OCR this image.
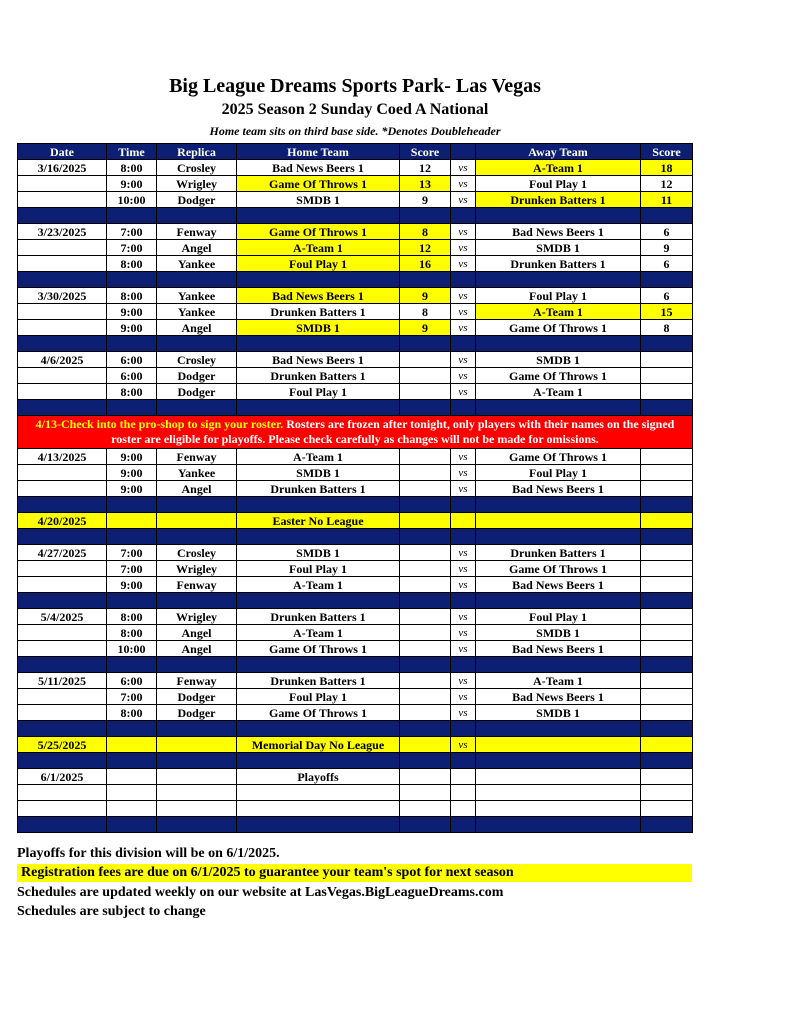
Big League Dreams Sports Park- Las Vegas
2025 Season 2 Sunday Coed A National
Home team sits on third base side. *Denotes Doubleheader
Date	Time	Replica	Home Team	Score		Away Team	Score
3/16/2025	8:00	Crosley	Bad News Beers 1	12	vs	A-Team 1	18
	9:00	Wrigley	Game Of Throws 1	13	vs	Foul Play 1	12
	10:00	Dodger	SMDB 1	9	vs	Drunken Batters 1	11

3/23/2025	7:00	Fenway	Game Of Throws 1	8	vs	Bad News Beers 1	6
	7:00	Angel	A-Team 1	12	vs	SMDB 1	9
	8:00	Yankee	Foul Play 1	16	vs	Drunken Batters 1	6

3/30/2025	8:00	Yankee	Bad News Beers 1	9	vs	Foul Play 1	6
	9:00	Yankee	Drunken Batters 1	8	vs	A-Team 1	15
	9:00	Angel	SMDB 1	9	vs	Game Of Throws 1	8

4/6/2025	6:00	Crosley	Bad News Beers 1		vs	SMDB 1	
	6:00	Dodger	Drunken Batters 1		vs	Game Of Throws 1	
	8:00	Dodger	Foul Play 1		vs	A-Team 1	

4/13-Check into the pro-shop to sign your roster. Rosters are frozen after tonight, only players with their names on the signed roster are eligible for playoffs. Please check carefully as changes will not be made for omissions.							
4/13/2025	9:00	Fenway	A-Team 1		vs	Game Of Throws 1	
	9:00	Yankee	SMDB 1		vs	Foul Play 1	
	9:00	Angel	Drunken Batters 1		vs	Bad News Beers 1	

4/20/2025			Easter No League				

4/27/2025	7:00	Crosley	SMDB 1		vs	Drunken Batters 1	
	7:00	Wrigley	Foul Play 1		vs	Game Of Throws 1	
	9:00	Fenway	A-Team 1		vs	Bad News Beers 1	

5/4/2025	8:00	Wrigley	Drunken Batters 1		vs	Foul Play 1	
	8:00	Angel	A-Team 1		vs	SMDB 1	
	10:00	Angel	Game Of Throws 1		vs	Bad News Beers 1	

5/11/2025	6:00	Fenway	Drunken Batters 1		vs	A-Team 1	
	7:00	Dodger	Foul Play 1		vs	Bad News Beers 1	
	8:00	Dodger	Game Of Throws 1		vs	SMDB 1	

5/25/2025			Memorial Day No League		vs		

6/1/2025			Playoffs				

Playoffs for this division will be on 6/1/2025.
Registration fees are due on 6/1/2025 to guarantee your team's spot for next season
Schedules are updated weekly on our website at LasVegas.BigLeagueDreams.com
Schedules are subject to change
